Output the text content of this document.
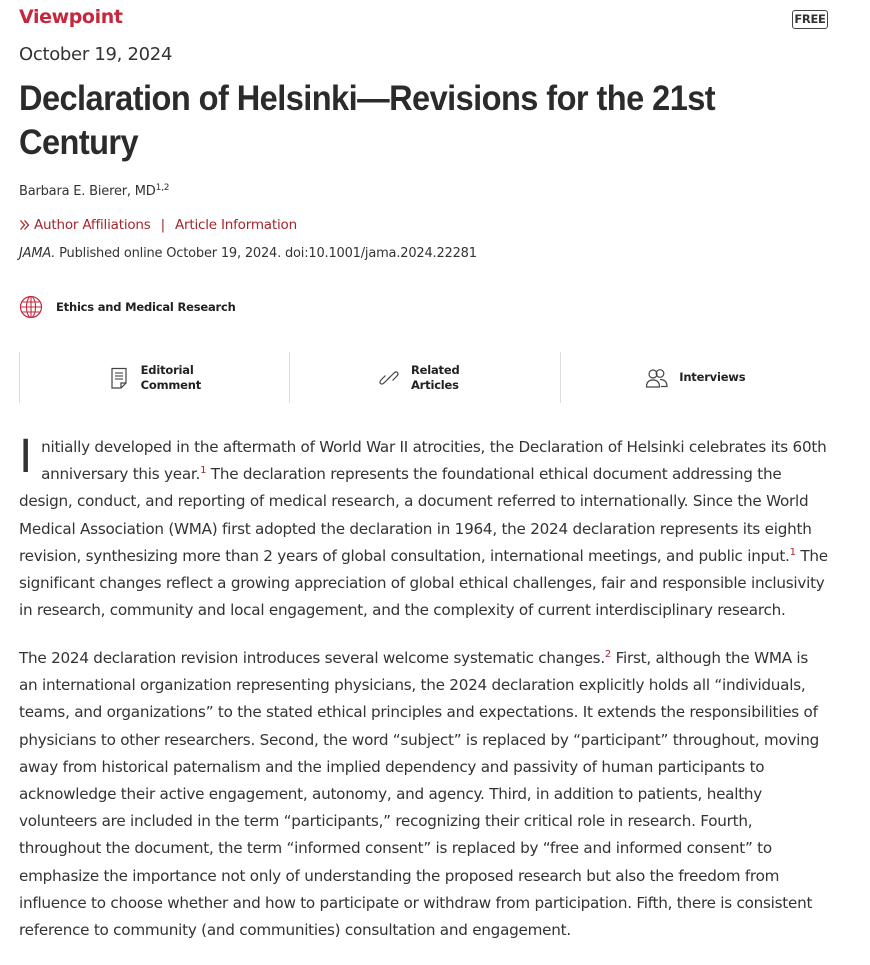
Viewpoint	FREE
October 19, 2024
Declaration of Helsinki—Revisions for the 21st Century
Barbara E. Bierer, MD$^{1,2}$
Author Affiliations | Article Information
JAMA. Published online October 19, 2024. doi:10.1001/jama.2024.22281
Ethics and Medical Research
Editorial Comment
Related Articles
Interviews

Initially developed in the aftermath of World War II atrocities, the Declaration of Helsinki celebrates its 60th anniversary this year.$^1$ The declaration represents the foundational ethical document addressing the design, conduct, and reporting of medical research, a document referred to internationally. Since the World Medical Association (WMA) first adopted the declaration in 1964, the 2024 declaration represents its eighth revision, synthesizing more than 2 years of global consultation, international meetings, and public input.$^1$ The significant changes reflect a growing appreciation of global ethical challenges, fair and responsible inclusivity in research, community and local engagement, and the complexity of current interdisciplinary research.

The 2024 declaration revision introduces several welcome systematic changes.$^2$ First, although the WMA is an international organization representing physicians, the 2024 declaration explicitly holds all “individuals, teams, and organizations” to the stated ethical principles and expectations. It extends the responsibilities of physicians to other researchers. Second, the word “subject” is replaced by “participant” throughout, moving away from historical paternalism and the implied dependency and passivity of human participants to acknowledge their active engagement, autonomy, and agency. Third, in addition to patients, healthy volunteers are included in the term “participants,” recognizing their critical role in research. Fourth, throughout the document, the term “informed consent” is replaced by “free and informed consent” to emphasize the importance not only of understanding the proposed research but also the freedom from influence to choose whether and how to participate or withdraw from participation. Fifth, there is consistent reference to community (and communities) consultation and engagement.
